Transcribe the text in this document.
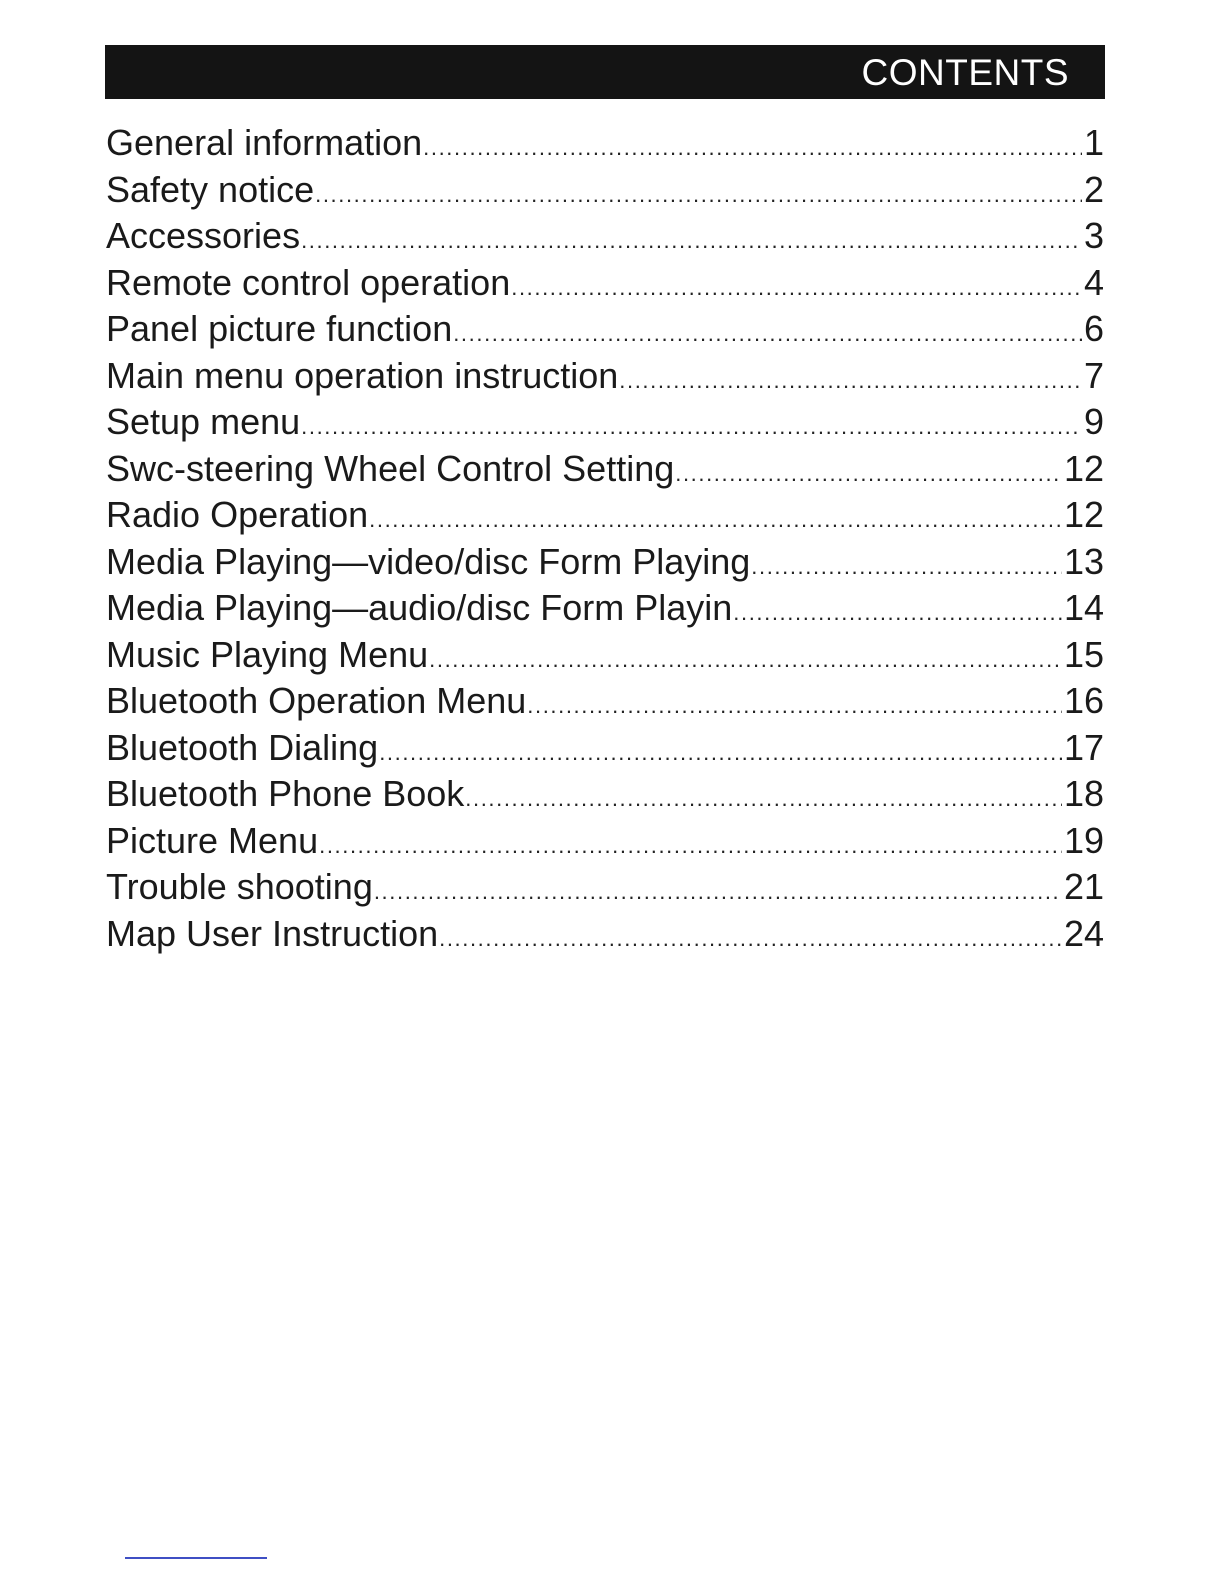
CONTENTS
General information .....	1
Safety notice .....	2
Accessories .....	3
Remote control operation .....	4
Panel picture function .....	6
Main menu operation instruction .....	7
Setup menu .....	9
Swc-steering Wheel Control Setting .....	12
Radio Operation .....	12
Media Playing—video/disc Form Playing .....	13
Media Playing—audio/disc Form Playin .....	14
Music Playing Menu .....	15
Bluetooth Operation Menu .....	16
Bluetooth Dialing .....	17
Bluetooth Phone Book .....	18
Picture Menu .....	19
Trouble shooting .....	21
Map User Instruction .....	24
